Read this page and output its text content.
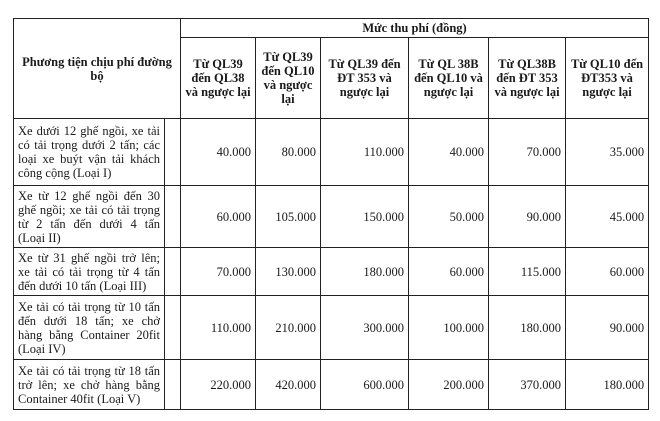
Phương tiện chịu phí đường bộ		Mức thu phí (đồng)					
		Từ QL39 đến QL38 và ngược lại	Từ QL39 đến QL10 và ngược lại	Từ QL39 đến ĐT 353 và ngược lại	Từ QL 38B đến QL10 và ngược lại	Từ QL38B đến ĐT 353 và ngược lại	Từ QL10 đến ĐT353 và ngược lại
Xe dưới 12 ghế ngồi, xe tải có tải trọng dưới 2 tấn; các loại xe buýt vận tải khách công cộng (Loại I)		40.000	80.000	110.000	40.000	70.000	35.000
Xe từ 12 ghế ngồi đến 30 ghế ngồi; xe tải có tải trọng từ 2 tấn đến dưới 4 tấn (Loại II)		60.000	105.000	150.000	50.000	90.000	45.000
Xe từ 31 ghế ngồi trở lên; xe tải có tải trọng từ 4 tấn đến dưới 10 tấn (Loại III)		70.000	130.000	180.000	60.000	115.000	60.000
Xe tải có tải trọng từ 10 tấn đến dưới 18 tấn; xe chở hàng bằng Container 20fit (Loại IV)		110.000	210.000	300.000	100.000	180.000	90.000
Xe tải có tải trọng từ 18 tấn trở lên; xe chở hàng bằng Container 40fit (Loại V)		220.000	420.000	600.000	200.000	370.000	180.000
